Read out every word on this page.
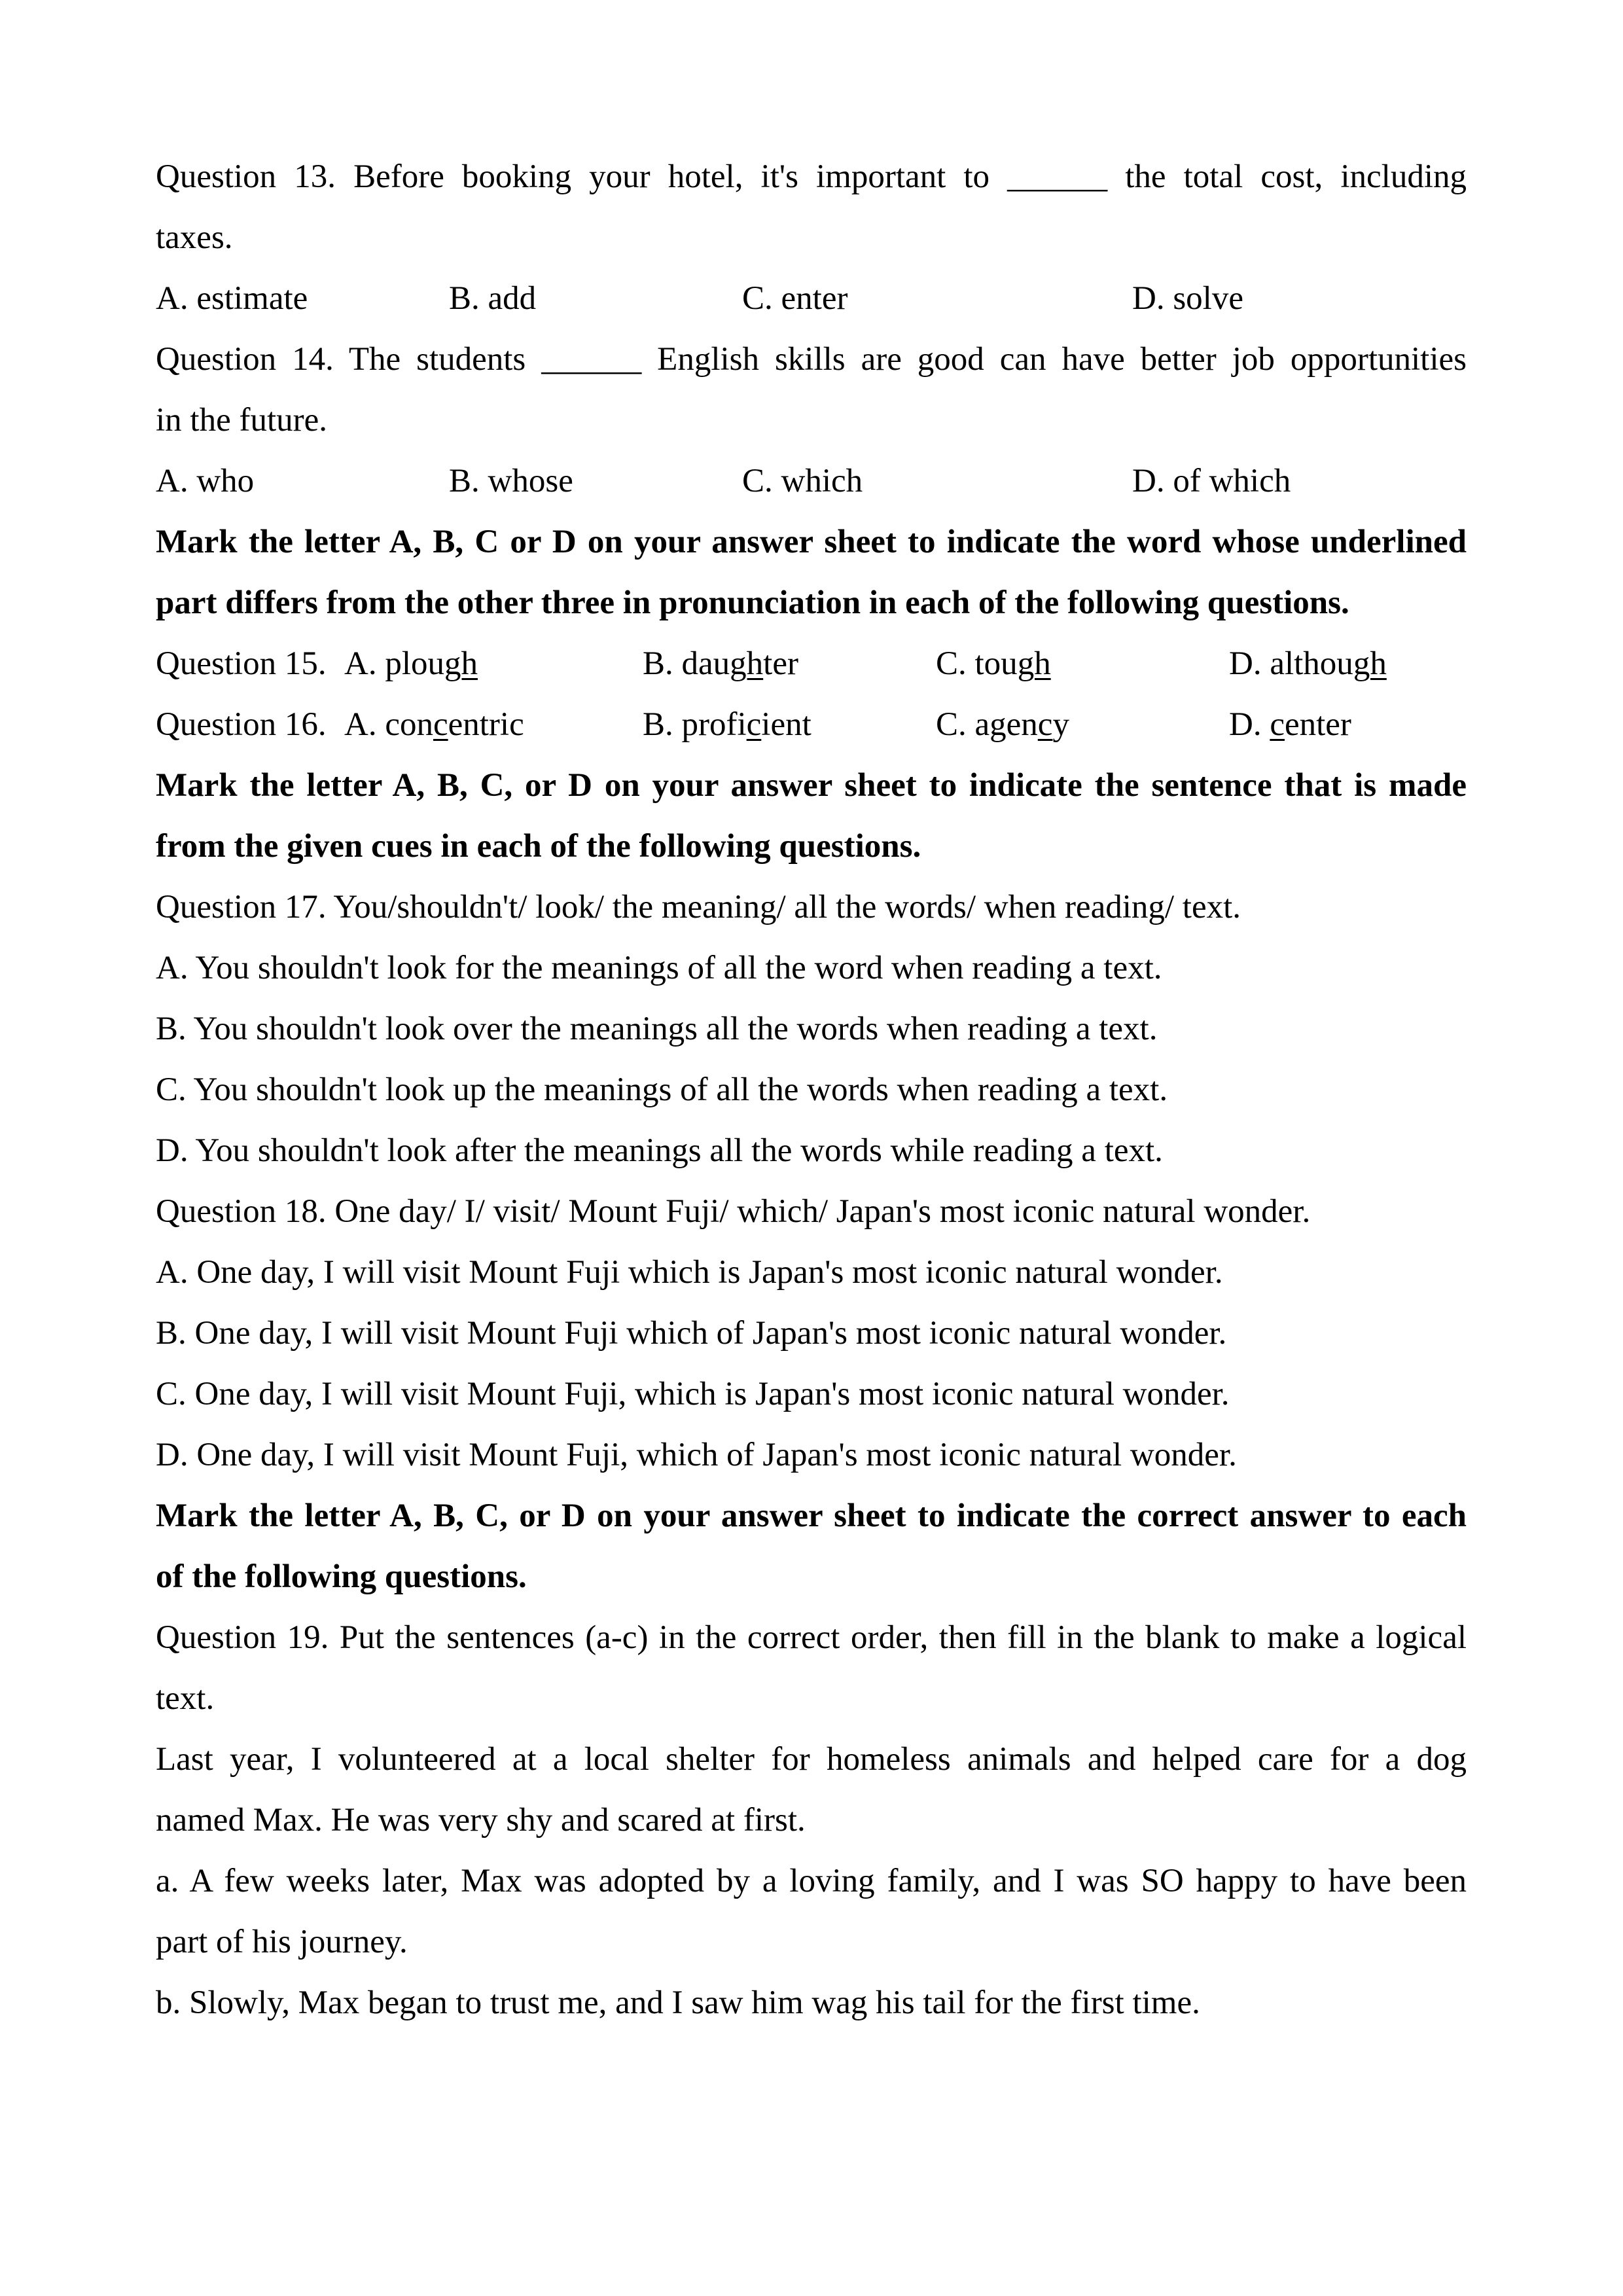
Question 13. Before booking your hotel, it's important to ______ the total cost, including
taxes.
A. estimate	B. add	C. enter	D. solve
Question 14. The students ______ English skills are good can have better job opportunities
in the future.
A. who	B. whose	C. which	D. of which
Mark the letter A, B, C or D on your answer sheet to indicate the word whose underlined
part differs from the other three in pronunciation in each of the following questions.
Question 15. A. plough	B. daughter	C. tough	D. although
Question 16. A. concentric	B. proficient	C. agency	D. center
Mark the letter A, B, C, or D on your answer sheet to indicate the sentence that is made
from the given cues in each of the following questions.
Question 17. You/shouldn't/ look/ the meaning/ all the words/ when reading/ text.
A. You shouldn't look for the meanings of all the word when reading a text.
B. You shouldn't look over the meanings all the words when reading a text.
C. You shouldn't look up the meanings of all the words when reading a text.
D. You shouldn't look after the meanings all the words while reading a text.
Question 18. One day/ I/ visit/ Mount Fuji/ which/ Japan's most iconic natural wonder.
A. One day, I will visit Mount Fuji which is Japan's most iconic natural wonder.
B. One day, I will visit Mount Fuji which of Japan's most iconic natural wonder.
C. One day, I will visit Mount Fuji, which is Japan's most iconic natural wonder.
D. One day, I will visit Mount Fuji, which of Japan's most iconic natural wonder.
Mark the letter A, B, C, or D on your answer sheet to indicate the correct answer to each
of the following questions.
Question 19. Put the sentences (a-c) in the correct order, then fill in the blank to make a logical
text.
Last year, I volunteered at a local shelter for homeless animals and helped care for a dog
named Max. He was very shy and scared at first.
a. A few weeks later, Max was adopted by a loving family, and I was SO happy to have been
part of his journey.
b. Slowly, Max began to trust me, and I saw him wag his tail for the first time.
